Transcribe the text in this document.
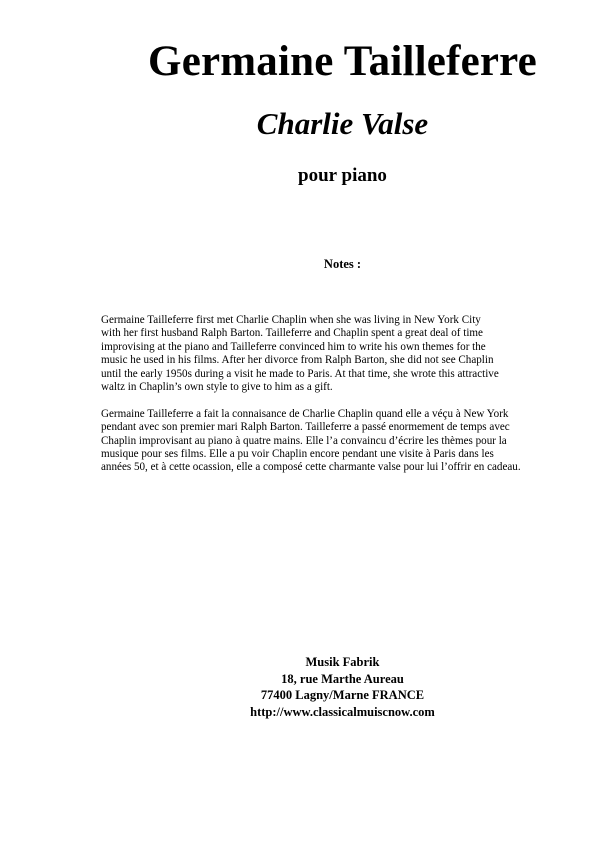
Germaine Tailleferre
Charlie Valse
pour piano
Notes :

Germaine Tailleferre first met Charlie Chaplin when she was living in New York City
with her first husband Ralph Barton. Tailleferre and Chaplin spent a great deal of time
improvising at the piano and Tailleferre convinced him to write his own themes for the
music he used in his films. After her divorce from Ralph Barton, she did not see Chaplin
until the early 1950s during a visit he made to Paris. At that time, she wrote this attractive
waltz in Chaplin’s own style to give to him as a gift.

Germaine Tailleferre a fait la connaisance de Charlie Chaplin quand elle a véçu à New York
pendant avec son premier mari Ralph Barton. Tailleferre a passé enormement de temps avec
Chaplin improvisant au piano à quatre mains. Elle l’a convaincu d’écrire les thèmes pour la
musique pour ses films. Elle a pu voir Chaplin encore pendant une visite à Paris dans les
années 50, et à cette ocassion, elle a composé cette charmante valse pour lui l’offrir en cadeau.

Musik Fabrik
18, rue Marthe Aureau
77400 Lagny/Marne FRANCE
http://www.classicalmuiscnow.com
